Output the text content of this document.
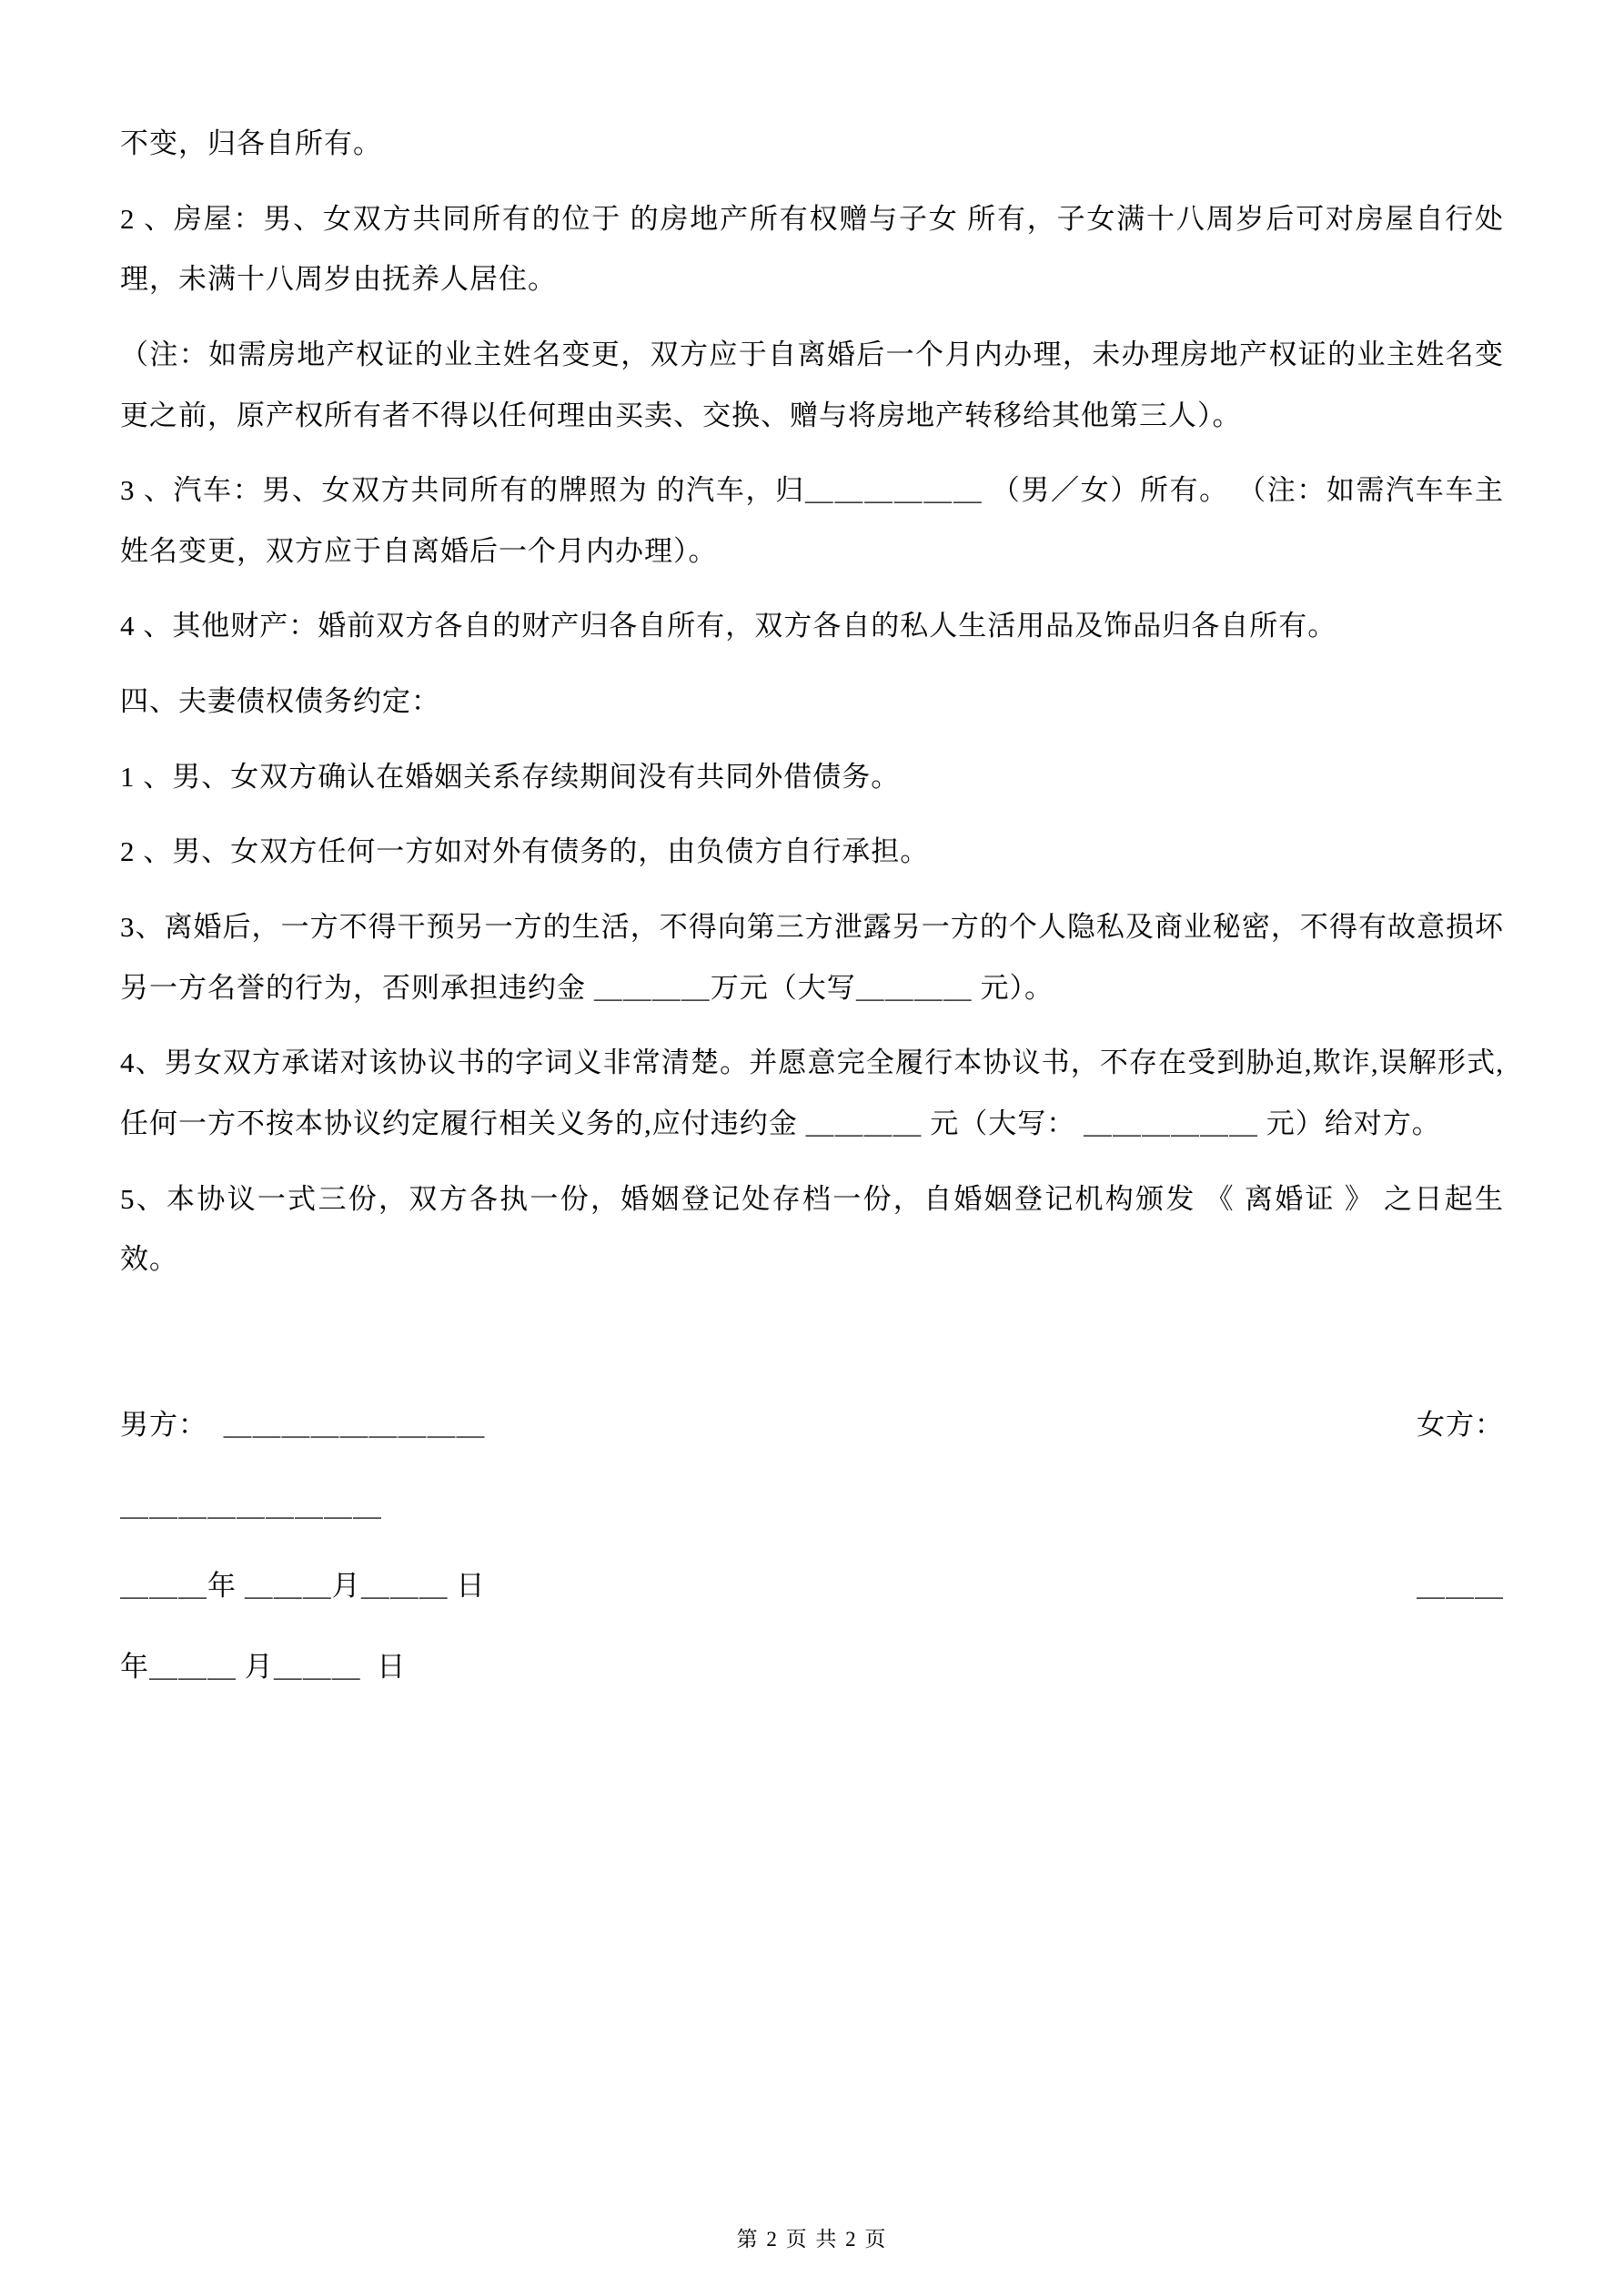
不变，归各自所有。

2 、房屋：男、女双方共同所有的位于 的房地产所有权赠与子女 所有，子女满十八周岁后可对房屋自行处理，未满十八周岁由抚养人居住。

（注：如需房地产权证的业主姓名变更，双方应于自离婚后一个月内办理，未办理房地产权证的业主姓名变更之前，原产权所有者不得以任何理由买卖、交换、赠与将房地产转移给其他第三人）。

3 、汽车：男、女双方共同所有的牌照为 的汽车，归＿＿＿＿＿＿ （男／女）所有。 （注：如需汽车车主姓名变更，双方应于自离婚后一个月内办理）。

4 、其他财产：婚前双方各自的财产归各自所有，双方各自的私人生活用品及饰品归各自所有。

四、夫妻债权债务约定：

1 、男、女双方确认在婚姻关系存续期间没有共同外借债务。

2 、男、女双方任何一方如对外有债务的，由负债方自行承担。

3、离婚后，一方不得干预另一方的生活，不得向第三方泄露另一方的个人隐私及商业秘密，不得有故意损坏另一方名誉的行为，否则承担违约金 ＿＿＿＿万元（大写＿＿＿＿ 元）。

4、男女双方承诺对该协议书的字词义非常清楚。并愿意完全履行本协议书，不存在受到胁迫,欺诈,误解形式,任何一方不按本协议约定履行相关义务的,应付违约金 ＿＿＿＿ 元（大写： ＿＿＿＿＿＿ 元）给对方。

5、本协议一式三份，双方各执一份，婚姻登记处存档一份，自婚姻登记机构颁发 《 离婚证 》 之日起生效。

男方： ＿＿＿＿＿＿＿＿＿	女方：
＿＿＿＿＿＿＿＿＿
＿＿＿年 ＿＿＿月＿＿＿ 日	＿＿＿
年＿＿＿ 月＿＿＿  日
第 2 页 共 2 页
